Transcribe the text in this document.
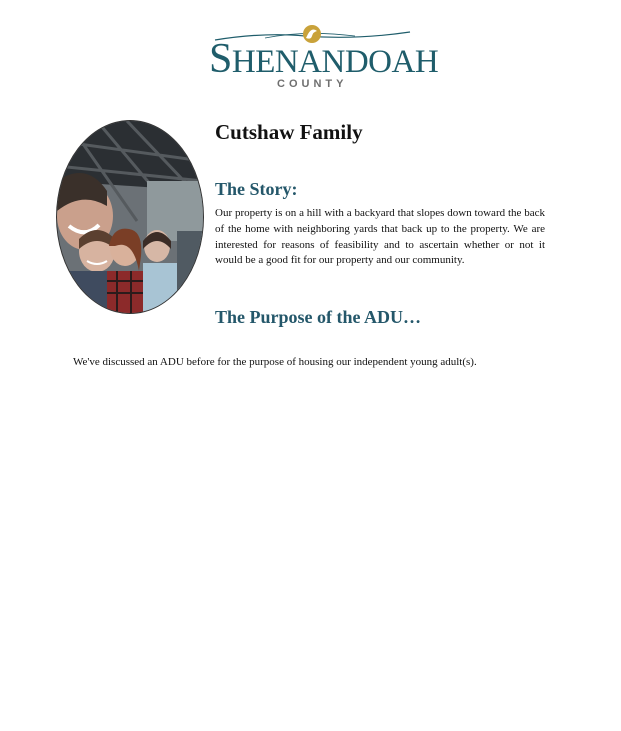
SHENANDOAH
COUNTY
Cutshaw Family
The Story:
Our property is on a hill with a backyard that slopes down toward the back of the home with neighboring yards that back up to the property. We are interested for reasons of feasibility and to ascertain whether or not it would be a good fit for our property and our community.
The Purpose of the ADU…
We've discussed an ADU before for the purpose of housing our independent young adult(s).
